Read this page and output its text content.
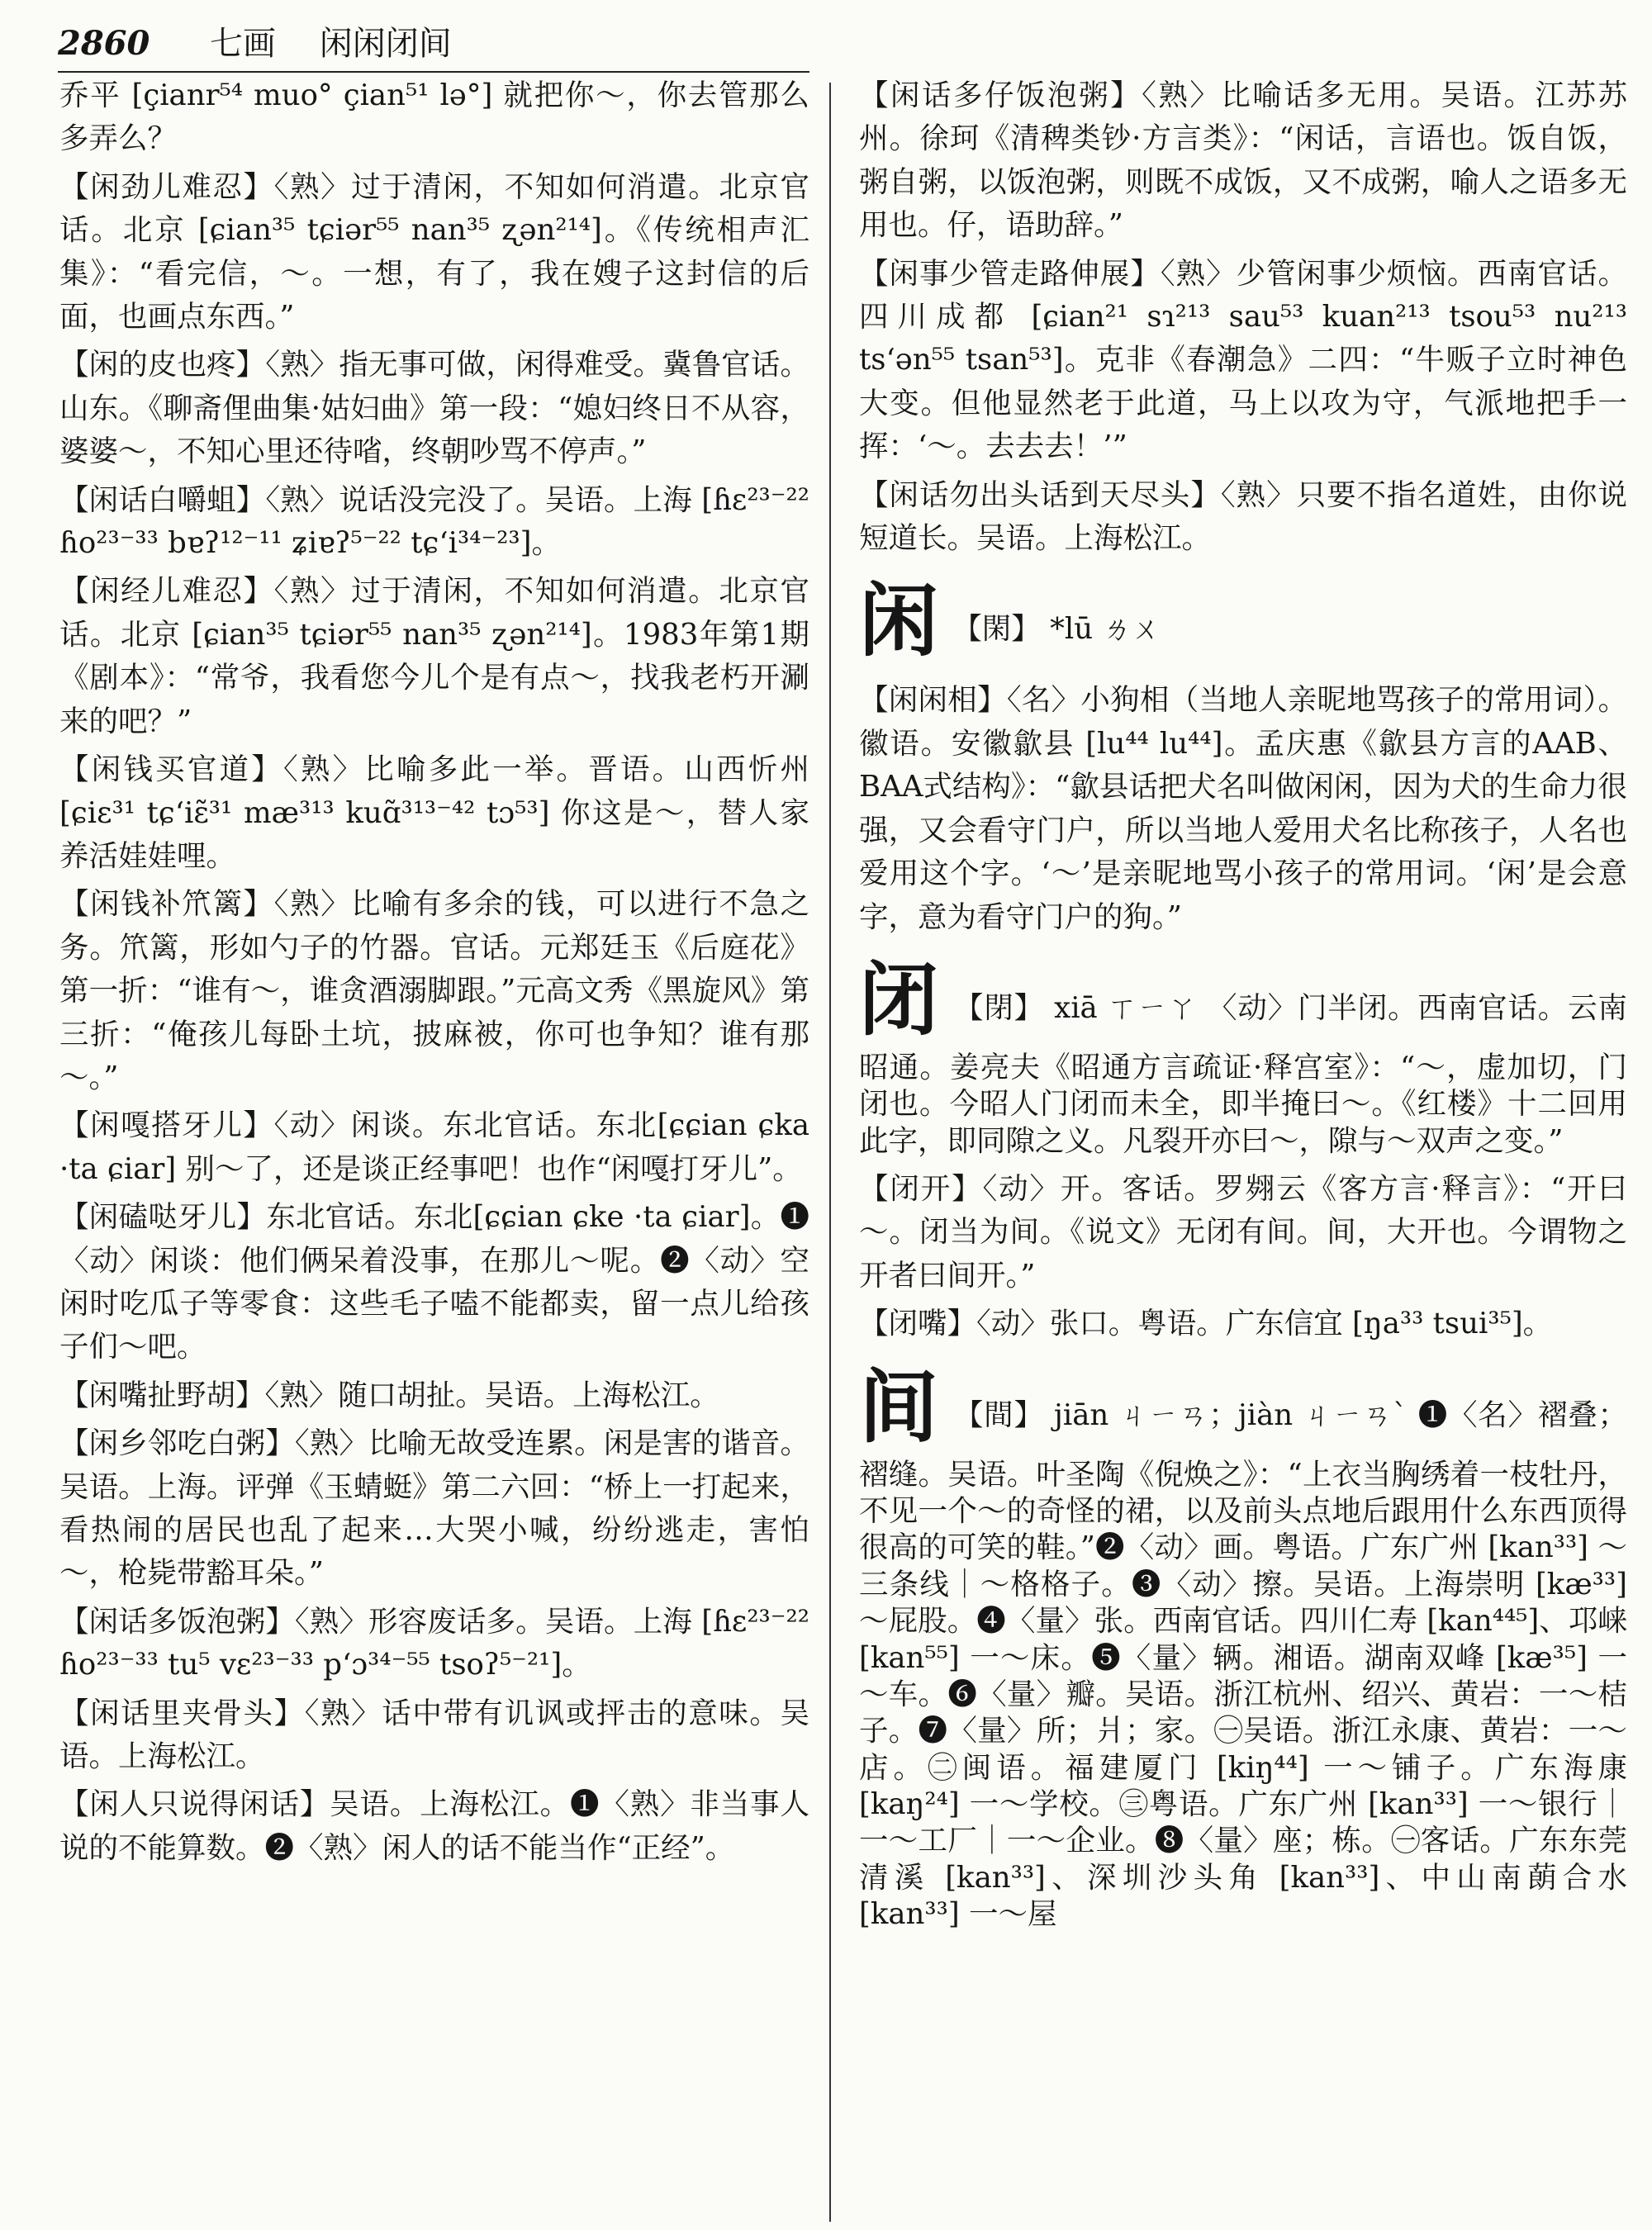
2860 七画 闲闲闭间

乔平 [çianr⁵⁴ muo° çian⁵¹ lə°] 就把你～，你去管那么多弄么？

【闲劲儿难忍】〈熟〉过于清闲，不知如何消遣。北京官话。北京 [ɕian³⁵ tɕiər⁵⁵ nan³⁵ ʐən²¹⁴]。《传统相声汇集》：“看完信，～。一想，有了，我在嫂子这封信的后面，也画点东西。”

【闲的皮也疼】〈熟〉指无事可做，闲得难受。冀鲁官话。山东。《聊斋俚曲集·姑妇曲》第一段：“媳妇终日不从容，婆婆～，不知心里还待㗂，终朝吵骂不停声。”

【闲话白嚼蛆】〈熟〉说话没完没了。吴语。上海 [ɦɛ²³⁻²² ɦo²³⁻³³ bɐʔ¹²⁻¹¹ ʑiɐʔ⁵⁻²² tɕʻi³⁴⁻²³]。

【闲经儿难忍】〈熟〉过于清闲，不知如何消遣。北京官话。北京 [ɕian³⁵ tɕiər⁵⁵ nan³⁵ ʐən²¹⁴]。1983年第1期《剧本》：“常爷，我看您今儿个是有点～，找我老朽开涮来的吧？”

【闲钱买官道】〈熟〉比喻多此一举。晋语。山西忻州 [ɕiɛ³¹ tɕʻiɛ̃³¹ mæ³¹³ kuɑ̃³¹³⁻⁴² tɔ⁵³] 你这是～，替人家养活娃娃哩。

【闲钱补笊篱】〈熟〉比喻有多余的钱，可以进行不急之务。笊篱，形如勺子的竹器。官话。元郑廷玉《后庭花》第一折：“谁有～，谁贪酒溺脚跟。”元高文秀《黑旋风》第三折：“俺孩儿每卧土坑，披麻被，你可也争知？谁有那～。”

【闲嘎搭牙儿】〈动〉闲谈。东北官话。东北[ɕɕian ɕka ·ta ɕiar] 别～了，还是谈正经事吧！也作“闲嘎打牙儿”。

【闲磕哒牙儿】东北官话。东北[ɕɕian ɕke ·ta ɕiar]。❶〈动〉闲谈：他们俩呆着没事，在那儿～呢。❷〈动〉空闲时吃瓜子等零食：这些毛子嗑不能都卖，留一点儿给孩子们～吧。

【闲嘴扯野胡】〈熟〉随口胡扯。吴语。上海松江。

【闲乡邻吃白粥】〈熟〉比喻无故受连累。闲是害的谐音。吴语。上海。评弹《玉蜻蜓》第二六回：“桥上一打起来，看热闹的居民也乱了起来…大哭小喊，纷纷逃走，害怕～，枪毙带豁耳朵。”

【闲话多饭泡粥】〈熟〉形容废话多。吴语。上海 [ɦɛ²³⁻²² ɦo²³⁻³³ tu⁵ vɛ²³⁻³³ pʻɔ³⁴⁻⁵⁵ tsoʔ⁵⁻²¹]。

【闲话里夹骨头】〈熟〉话中带有讥讽或抨击的意味。吴语。上海松江。

【闲人只说得闲话】吴语。上海松江。❶〈熟〉非当事人说的不能算数。❷〈熟〉闲人的话不能当作“正经”。

【闲话多仔饭泡粥】〈熟〉比喻话多无用。吴语。江苏苏州。徐珂《清稗类钞·方言类》：“闲话，言语也。饭自饭，粥自粥，以饭泡粥，则既不成饭，又不成粥，喻人之语多无用也。仔，语助辞。”

【闲事少管走路伸展】〈熟〉少管闲事少烦恼。西南官话。四川成都 [ɕian²¹ sɿ²¹³ sau⁵³ kuan²¹³ tsou⁵³ nu²¹³ tsʻən⁵⁵ tsan⁵³]。克非《春潮急》二四：“牛贩子立时神色大变。但他显然老于此道，马上以攻为守，气派地把手一挥：‘～。去去去！’”

【闲话勿出头话到天尽头】〈熟〉只要不指名道姓，由你说短道长。吴语。上海松江。

闲 【閑】 *lū ㄌㄨ

【闲闲相】〈名〉小狗相（当地人亲昵地骂孩子的常用词）。徽语。安徽歙县 [lu⁴⁴ lu⁴⁴]。孟庆惠《歙县方言的AAB、BAA式结构》：“歙县话把犬名叫做闲闲，因为犬的生命力很强，又会看守门户，所以当地人爱用犬名比称孩子，人名也爱用这个字。‘～’是亲昵地骂小孩子的常用词。‘闲’是会意字，意为看守门户的狗。”

闭 【閉】 xiā ㄒㄧㄚ 〈动〉门半闭。西南官话。云南昭通。姜亮夫《昭通方言疏证·释宫室》：“～，虚加切，门闭也。今昭人门闭而未全，即半掩曰～。《红楼》十二回用此字，即同隙之义。凡裂开亦曰～，隙与～双声之变。”

【闭开】〈动〉开。客话。罗翙云《客方言·释言》：“开曰～。闭当为间。《说文》无闭有间。间，大开也。今谓物之开者曰间开。”

【闭嘴】〈动〉张口。粤语。广东信宜 [ŋa³³ tsui³⁵]。

间 【間】 jiān ㄐㄧㄢ；jiàn ㄐㄧㄢˋ ❶〈名〉褶叠；褶缝。吴语。叶圣陶《倪焕之》：“上衣当胸绣着一枝牡丹，不见一个～的奇怪的裙，以及前头点地后跟用什么东西顶得很高的可笑的鞋。”❷〈动〉画。粤语。广东广州 [kan³³] ～三条线｜～格格子。❸〈动〉擦。吴语。上海崇明 [kæ³³] ～屁股。❹〈量〉张。西南官话。四川仁寿 [kan⁴⁴⁵]、邛崃 [kan⁵⁵] 一～床。❺〈量〉辆。湘语。湖南双峰 [kæ³⁵] 一～车。❻〈量〉瓣。吴语。浙江杭州、绍兴、黄岩：一～桔子。❼〈量〉所；爿；家。㊀吴语。浙江永康、黄岩：一～店。㊁闽语。福建厦门 [kiŋ⁴⁴] 一～铺子。广东海康 [kaŋ²⁴] 一～学校。㊂粤语。广东广州 [kan³³] 一～银行｜一～工厂｜一～企业。❽〈量〉座；栋。㊀客话。广东东莞清溪 [kan³³]、深圳沙头角 [kan³³]、中山南蓢合水 [kan³³] 一～屋
